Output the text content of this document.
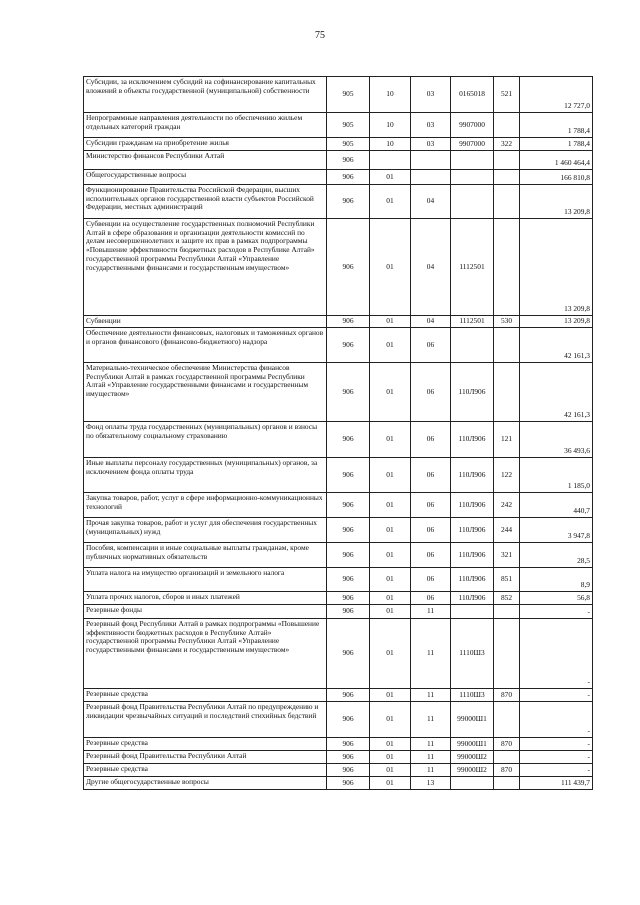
75
Субсидии, за исключением субсидий на софинансирование капитальных вложений в объекты государственной (муниципальной) собственности	905	10	03	0165018	521	12 727,0
Непрограммные направления деятельности по обеспечению жильем отдельных категорий граждан	905	10	03	9907000		1 788,4
Субсидии гражданам на приобретение жилья	905	10	03	9907000	322	1 788,4
Министерство финансов Республики Алтай	906					1 460 464,4
Общегосударственные вопросы	906	01				166 810,8
Функционирование Правительства Российской Федерации, высших исполнительных органов государственной власти субъектов Российской Федерации, местных администраций	906	01	04			13 209,8
Субвенции на осуществление государственных полномочий Республики Алтай в сфере образования и организации деятельности комиссий по делам несовершеннолетних и защите их прав в рамках подпрограммы «Повышение эффективности бюджетных расходов в Республике Алтай» государственной программы Республики Алтай «Управление государственными финансами и государственным имуществом»	906	01	04	1112501		13 209,8
Субвенции	906	01	04	1112501	530	13 209,8
Обеспечение деятельности финансовых, налоговых и таможенных органов и органов финансового (финансово-бюджетного) надзора	906	01	06			42 161,3
Материально-техническое обеспечение Министерства финансов Республики Алтай в рамках государственной программы Республики Алтай «Управление государственными финансами и государственным имуществом»	906	01	06	110Л906		42 161,3
Фонд оплаты труда государственных (муниципальных) органов и взносы по обязательному социальному страхованию	906	01	06	110Л906	121	36 493,6
Иные выплаты персоналу государственных (муниципальных) органов, за исключением фонда оплаты труда	906	01	06	110Л906	122	1 185,0
Закупка товаров, работ, услуг в сфере информационно-коммуникационных технологий	906	01	06	110Л906	242	440,7
Прочая закупка товаров, работ и услуг для обеспечения государственных (муниципальных) нужд	906	01	06	110Л906	244	3 947,8
Пособия, компенсации и иные социальные выплаты гражданам, кроме публичных нормативных обязательств	906	01	06	110Л906	321	28,5
Уплата налога на имущество организаций и земельного налога	906	01	06	110Л906	851	8,9
Уплата прочих налогов, сборов и иных платежей	906	01	06	110Л906	852	56,8
Резервные фонды	906	01	11			-
Резервный фонд Республики Алтай в рамках подпрограммы «Повышение эффективности бюджетных расходов в Республике Алтай» государственной программы Республики Алтай «Управление государственными финансами и государственным имуществом»	906	01	11	1110Ш3		-
Резервные средства	906	01	11	1110Ш3	870	-
Резервный фонд Правительства Республики Алтай по предупреждению и ликвидации чрезвычайных ситуаций и последствий стихийных бедствий	906	01	11	99000Ш1		-
Резервные средства	906	01	11	99000Ш1	870	-
Резервный фонд Правительства Республики Алтай	906	01	11	99000Ш2		-
Резервные средства	906	01	11	99000Ш2	870	-
Другие общегосударственные вопросы	906	01	13			111 439,7
